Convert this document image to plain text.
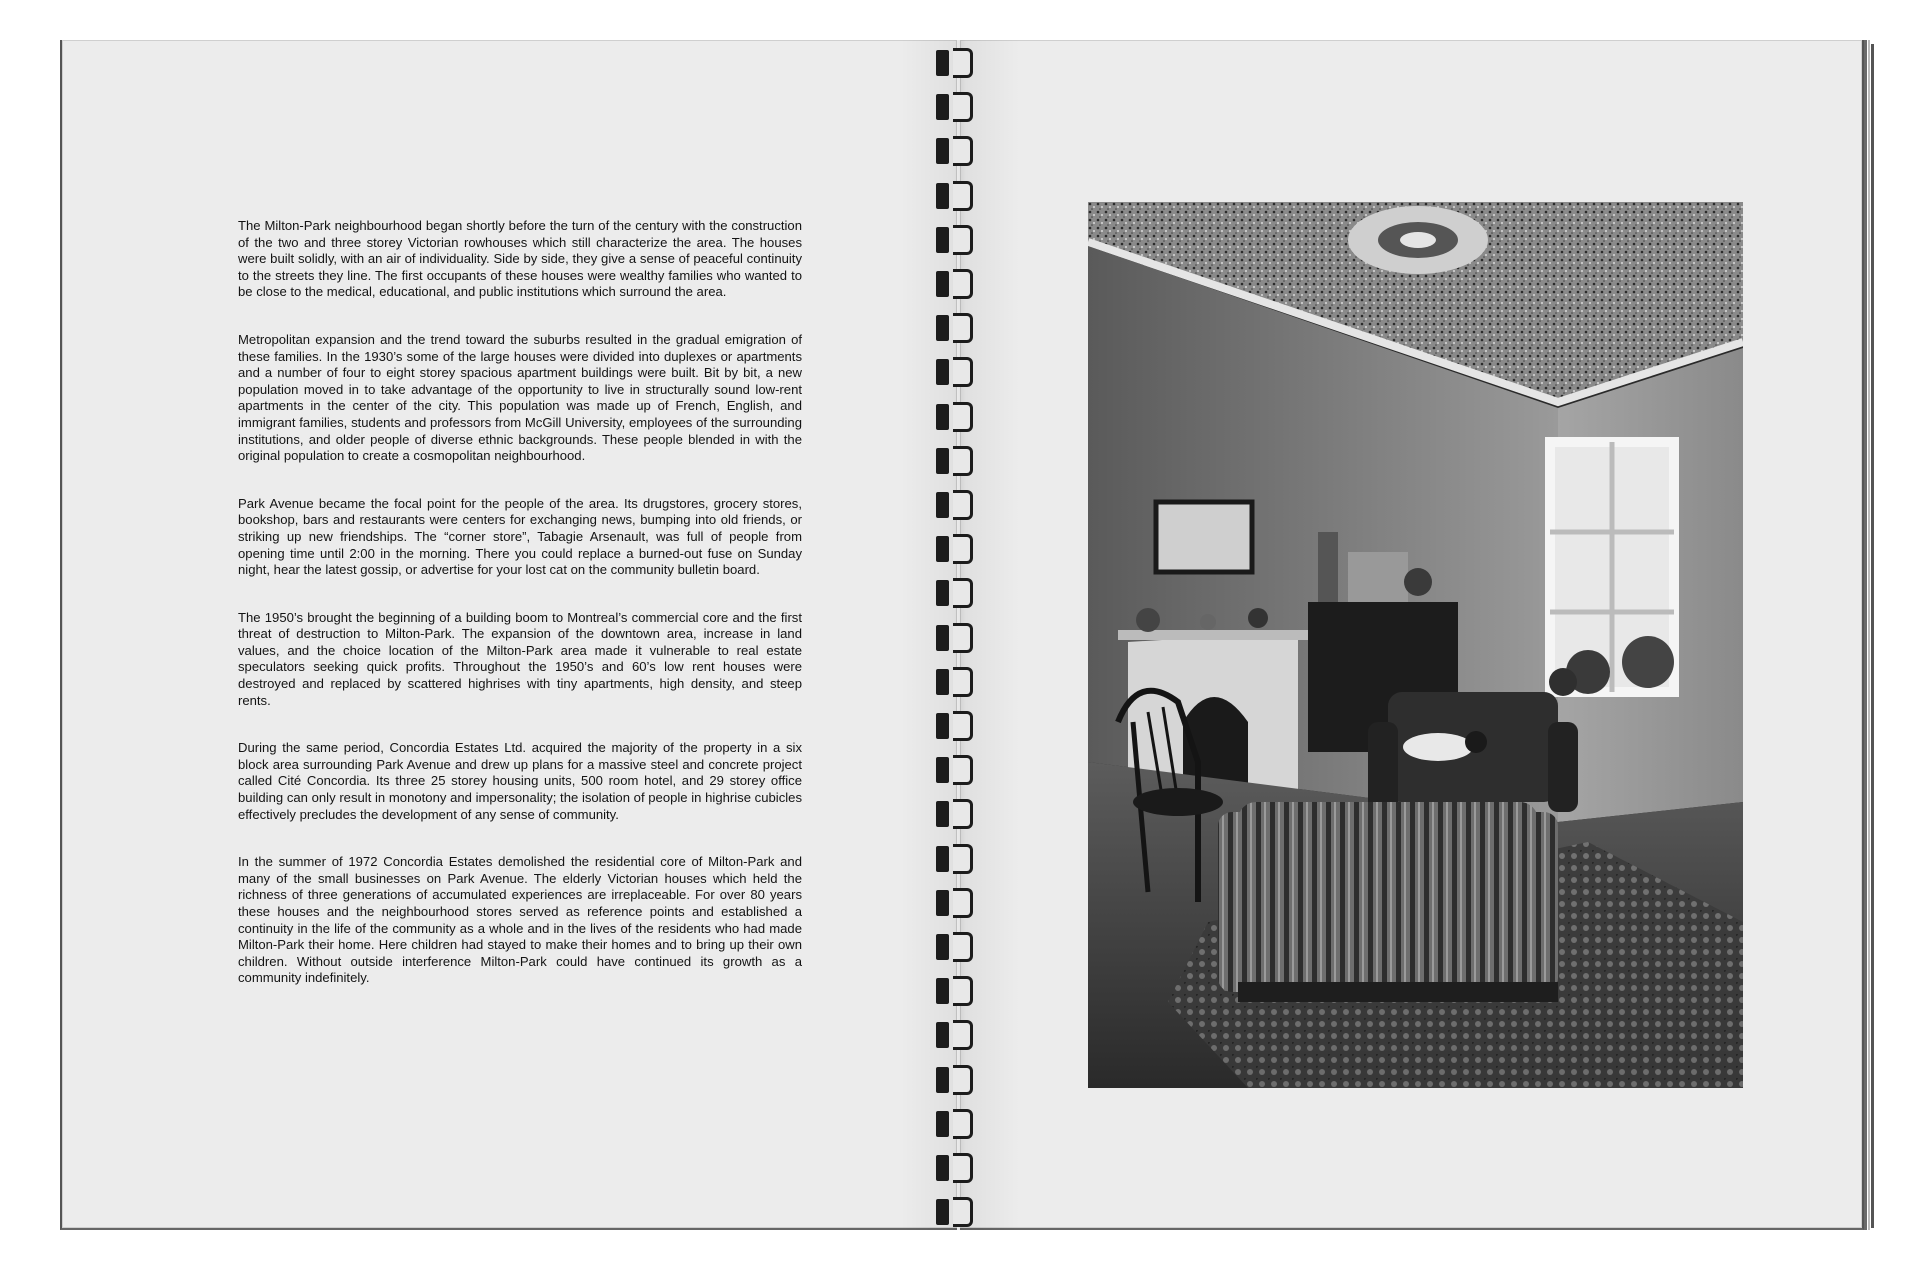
The Milton-Park neighbourhood began shortly before the turn of the century with the construction of the two and three storey Victorian rowhouses which still characterize the area. The houses were built solidly, with an air of individuality. Side by side, they give a sense of peaceful continuity to the streets they line. The first occupants of these houses were wealthy families who wanted to be close to the medical, educational, and public institutions which surround the area.

Metropolitan expansion and the trend toward the suburbs resulted in the gradual emigration of these families. In the 1930’s some of the large houses were divided into duplexes or apartments and a number of four to eight storey spacious apartment buildings were built. Bit by bit, a new population moved in to take advantage of the opportunity to live in structurally sound low-rent apartments in the center of the city. This population was made up of French, English, and immigrant families, students and professors from McGill University, employees of the surrounding institutions, and older people of diverse ethnic backgrounds. These people blended in with the original population to create a cosmopolitan neighbourhood.

Park Avenue became the focal point for the people of the area. Its drugstores, grocery stores, bookshop, bars and restaurants were centers for exchanging news, bumping into old friends, or striking up new friendships. The “corner store”, Tabagie Arsenault, was full of people from opening time until 2:00 in the morning. There you could replace a burned-out fuse on Sunday night, hear the latest gossip, or advertise for your lost cat on the community bulletin board.

The 1950’s brought the beginning of a building boom to Montreal’s commercial core and the first threat of destruction to Milton-Park. The expansion of the downtown area, increase in land values, and the choice location of the Milton-Park area made it vulnerable to real estate speculators seeking quick profits. Throughout the 1950’s and 60’s low rent houses were destroyed and replaced by scattered highrises with tiny apartments, high density, and steep rents.

During the same period, Concordia Estates Ltd. acquired the majority of the property in a six block area surrounding Park Avenue and drew up plans for a massive steel and concrete project called Cité Concordia. Its three 25 storey housing units, 500 room hotel, and 29 storey office building can only result in monotony and impersonality; the isolation of people in highrise cubicles effectively precludes the development of any sense of community.

In the summer of 1972 Concordia Estates demolished the residential core of Milton-Park and many of the small businesses on Park Avenue. The elderly Victorian houses which held the richness of three generations of accumulated experiences are irreplaceable. For over 80 years these houses and the neighbourhood stores served as reference points and established a continuity in the life of the community as a whole and in the lives of the residents who had made Milton-Park their home. Here children had stayed to make their homes and to bring up their own children. Without outside interference Milton-Park could have continued its growth as a community indefinitely.
